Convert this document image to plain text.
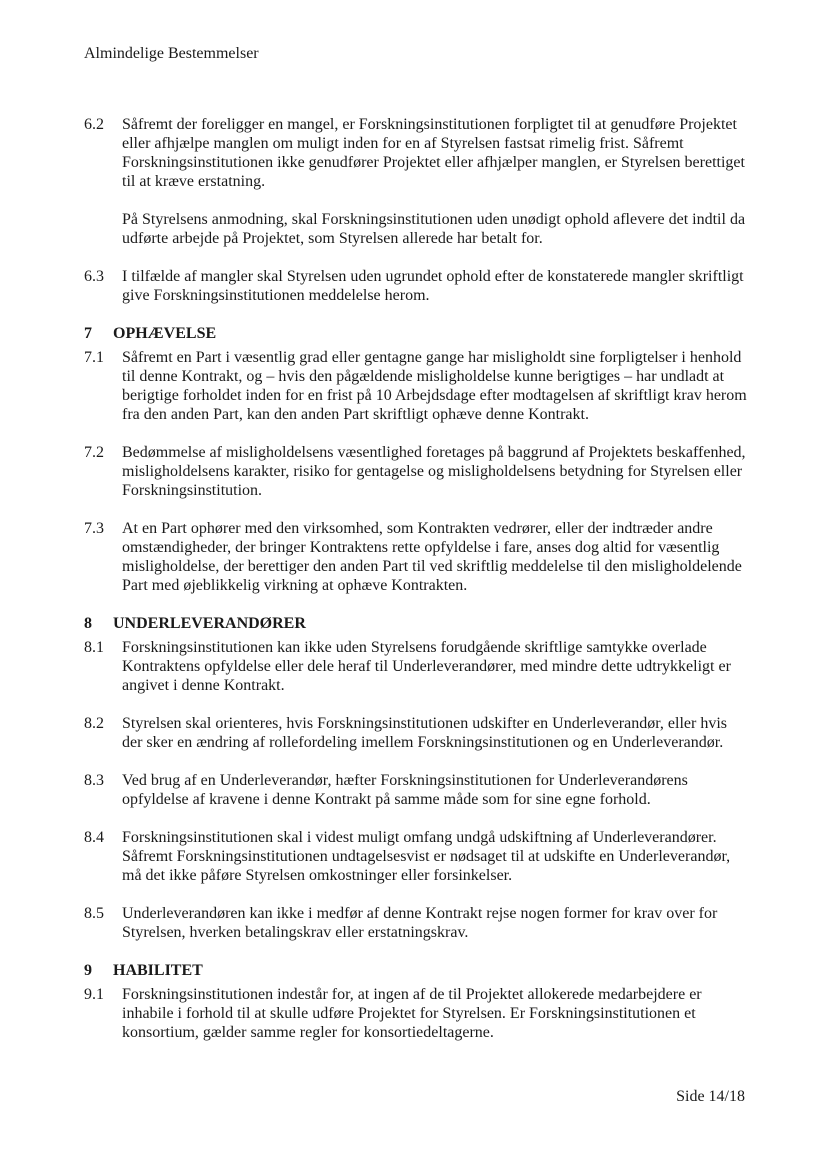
Almindelige Bestemmelser
6.2	Såfremt der foreligger en mangel, er Forskningsinstitutionen forpligtet til at genudføre Projektet eller afhjælpe manglen om muligt inden for en af Styrelsen fastsat rimelig frist. Såfremt Forskningsinstitutionen ikke genudfører Projektet eller afhjælper manglen, er Styrelsen berettiget til at kræve erstatning.

På Styrelsens anmodning, skal Forskningsinstitutionen uden unødigt ophold aflevere det indtil da udførte arbejde på Projektet, som Styrelsen allerede har betalt for.

6.3	I tilfælde af mangler skal Styrelsen uden ugrundet ophold efter de konstaterede mangler skriftligt give Forskningsinstitutionen meddelelse herom.

7	OPHÆVELSE
7.1	Såfremt en Part i væsentlig grad eller gentagne gange har misligholdt sine forpligtelser i henhold til denne Kontrakt, og – hvis den pågældende misligholdelse kunne berigtiges – har undladt at berigtige forholdet inden for en frist på 10 Arbejdsdage efter modtagelsen af skriftligt krav herom fra den anden Part, kan den anden Part skriftligt ophæve denne Kontrakt.

7.2	Bedømmelse af misligholdelsens væsentlighed foretages på baggrund af Projektets beskaffenhed, misligholdelsens karakter, risiko for gentagelse og misligholdelsens betydning for Styrelsen eller Forskningsinstitution.

7.3	At en Part ophører med den virksomhed, som Kontrakten vedrører, eller der indtræder andre omstændigheder, der bringer Kontraktens rette opfyldelse i fare, anses dog altid for væsentlig misligholdelse, der berettiger den anden Part til ved skriftlig meddelelse til den misligholdelende Part med øjeblikkelig virkning at ophæve Kontrakten.

8	UNDERLEVERANDØRER
8.1	Forskningsinstitutionen kan ikke uden Styrelsens forudgående skriftlige samtykke overlade Kontraktens opfyldelse eller dele heraf til Underleverandører, med mindre dette udtrykkeligt er angivet i denne Kontrakt.

8.2	Styrelsen skal orienteres, hvis Forskningsinstitutionen udskifter en Underleverandør, eller hvis der sker en ændring af rollefordeling imellem Forskningsinstitutionen og en Underleverandør.

8.3	Ved brug af en Underleverandør, hæfter Forskningsinstitutionen for Underleverandørens opfyldelse af kravene i denne Kontrakt på samme måde som for sine egne forhold.

8.4	Forskningsinstitutionen skal i videst muligt omfang undgå udskiftning af Underleverandører. Såfremt Forskningsinstitutionen undtagelsesvist er nødsaget til at udskifte en Underleverandør, må det ikke påføre Styrelsen omkostninger eller forsinkelser.

8.5	Underleverandøren kan ikke i medfør af denne Kontrakt rejse nogen former for krav over for Styrelsen, hverken betalingskrav eller erstatningskrav.

9	HABILITET
9.1	Forskningsinstitutionen indestår for, at ingen af de til Projektet allokerede medarbejdere er inhabile i forhold til at skulle udføre Projektet for Styrelsen. Er Forskningsinstitutionen et konsortium, gælder samme regler for konsortiedeltagerne.

Side 14/18
